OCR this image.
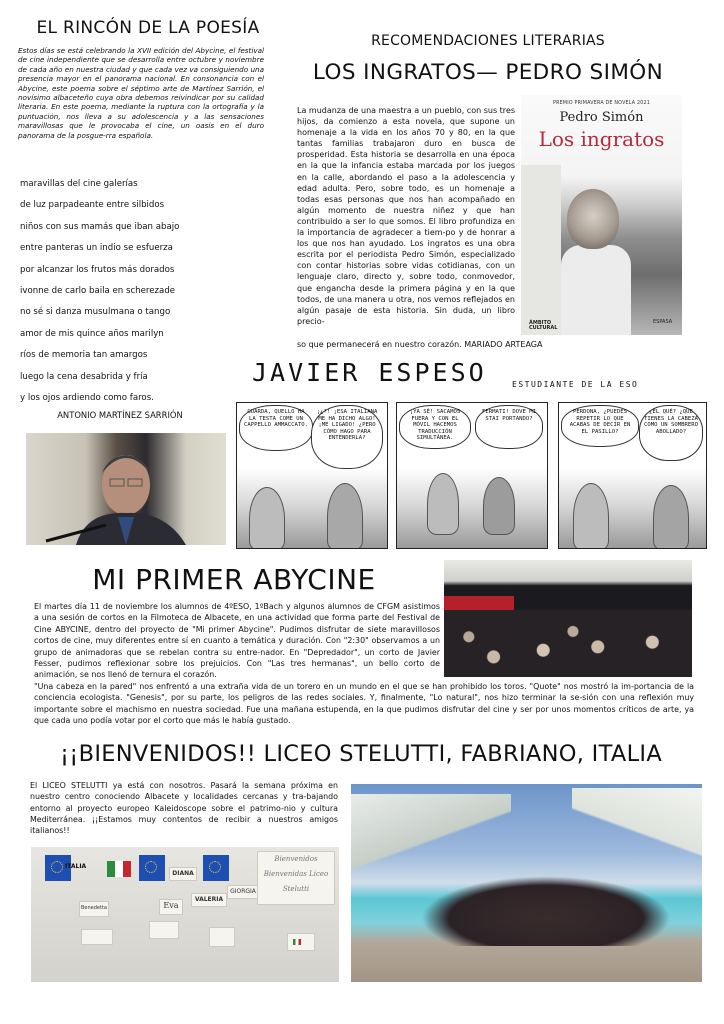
EL RINCÓN DE LA POESÍA
Estos días se está celebrando la XVII edición del Abycine, el festival de cine independiente que se desarrolla entre octubre y noviembre de cada año en nuestra ciudad y que cada vez va consiguiendo una presencia mayor en el panorama nacional. En consonancia con el Abycine, este poema sobre el séptimo arte de Martínez Sarrión, el novísimo albaceteño cuya obra debemos reivindicar por su calidad literaria. En este poema, mediante la ruptura con la ortografía y la puntuación, nos lleva a su adolescencia y a las sensaciones maravillosas que le provocaba el cine, un oasis en el duro panorama de la posgue-rra española.
maravillas del cine galerías
de luz parpadeante entre silbidos
niños con sus mamás que iban abajo
entre panteras un indio se esfuerza
por alcanzar los frutos más dorados
ivonne de carlo baila en scherezade
no sé si danza musulmana o tango
amor de mis quince años marilyn
ríos de memoria tan amargos
luego la cena desabrida y fría
y los ojos ardiendo como faros.
ANTONIO MARTÍNEZ SARRIÓN
RECOMENDACIONES LITERARIAS
LOS INGRATOS— PEDRO SIMÓN
La mudanza de una maestra a un pueblo, con sus tres hijos, da comienzo a esta novela, que supone un homenaje a la vida en los años 70 y 80, en la que tantas familias trabajaron duro en busca de prosperidad. Esta historia se desarrolla en una época en la que la infancia estaba marcada por los juegos en la calle, abordando el paso a la adolescencia y edad adulta. Pero, sobre todo, es un homenaje a todas esas personas que nos han acompañado en algún momento de nuestra niñez y que han contribuido a ser lo que somos. El libro profundiza en la importancia de agradecer a tiem-po y de honrar a los que nos han ayudado. Los ingratos es una obra escrita por el periodista Pedro Simón, especializado con contar historias sobre vidas cotidianas, con un lenguaje claro, directo y, sobre todo, conmovedor, que engancha desde la primera página y en la que todos, de una manera u otra, nos vemos reflejados en algún pasaje de esta historia. Sin duda, un libro precio-
so que permanecerá en nuestro corazón. MARIADO ARTEAGA
PREMIO PRIMAVERA DE NOVELA 2021
Pedro Simón
Los ingratos
ÁMBITO CULTURAL
ESPASA
JAVIER ESPESO	ESTUDIANTE DE LA ESO
GUARDA, QUELLO HA LA TESTA COME UN CAPPELLO AMMACCATO.
¡¿?! ¡ESA ITALIANA ME HA DICHO ALGO! ¡ME LIGADO! ¿PERO CÓMO HAGO PARA ENTENDERLA?
¡YA SÉ! SACAMOS FUERA Y CON EL MÓVIL HACEMOS TRADUCCIÓN SIMULTÁNEA.
FERMATI! DOVE MI STAI PORTANDO?
PERDONA, ¿PUEDES REPETIR LO QUE ACABAS DE DECIR EN EL PASILLO?
¿EL QUÉ? ¿QUE TIENES LA CABEZA COMO UN SOMBRERO ABOLLADO?
MI PRIMER ABYCINE
El martes día 11 de noviembre los alumnos de 4ºESO, 1ºBach y algunos alumnos de CFGM asistimos a una sesión de cortos en la Filmoteca de Albacete, en una actividad que forma parte del Festival de Cine ABYCINE, dentro del proyecto de "Mi primer Abycine". Pudimos disfrutar de siete maravillosos cortos de cine, muy diferentes entre sí en cuanto a temática y duración. Con "2:30" observamos a un grupo de animadoras que se rebelan contra su entre-nador. En "Depredador", un corto de Javier Fesser, pudimos reflexionar sobre los prejuicios. Con "Las tres hermanas", un bello corto de animación, se nos llenó de ternura el corazón.
"Una cabeza en la pared" nos enfrentó a una extraña vida de un torero en un mundo en el que se han prohibido los toros. "Quote" nos mostró la im-portancia de la conciencia ecologista. "Genesis", por su parte, los peligros de las redes sociales. Y, finalmente, "Lo natural", nos hizo terminar la se-sión con una reflexión muy importante sobre el machismo en nuestra sociedad. Fue una mañana estupenda, en la que pudimos disfrutar del cine y ser por unos momentos críticos de arte, ya que cada uno podía votar por el corto que más le había gustado.
¡¡BIENVENIDOS!! LICEO STELUTTI, FABRIANO, ITALIA
El LICEO STELUTTI ya está con nosotros. Pasará la semana próxima en nuestro centro conociendo Albacete y localidades cercanas y tra-bajando entorno al proyecto europeo Kaleidoscope sobre el patrimo-nio y cultura Mediterránea. ¡¡Estamos muy contentos de recibir a nuestros amigos italianos!!
ITALIA
DIANA
VALERIA
GIORGIA
Eva
Benedetta
Bienvenidos Bienvenidas Liceo Stelutti
